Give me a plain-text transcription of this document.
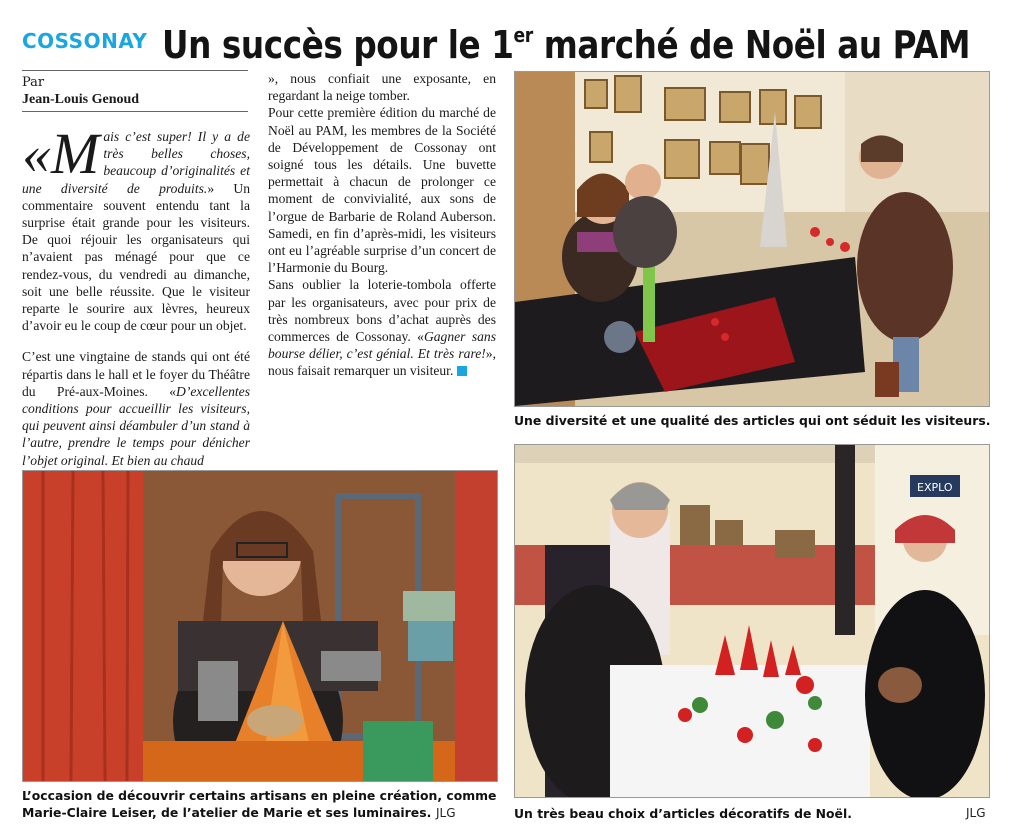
COSSONAY Un succès pour le 1er marché de Noël au PAM
Par
Jean-Louis Genoud

«Mais c’est super! Il y a de très belles choses, beaucoup d’originalités et une diversité de produits.» Un commentaire souvent entendu tant la surprise était grande pour les visiteurs. De quoi réjouir les organisateurs qui n’avaient pas ménagé pour que ce rendez-vous, du vendredi au dimanche, soit une belle réussite. Que le visiteur reparte le sourire aux lèvres, heureux d’avoir eu le coup de cœur pour un objet.

C’est une vingtaine de stands qui ont été répartis dans le hall et le foyer du Théâtre du Pré-aux-Moines. «D’excellentes conditions pour accueillir les visiteurs, qui peuvent ainsi déambuler d’un stand à l’autre, prendre le temps pour dénicher l’objet original. Et bien au chaud

», nous confiait une exposante, en regardant la neige tomber.

Pour cette première édition du marché de Noël au PAM, les membres de la Société de Développement de Cossonay ont soigné tous les détails. Une buvette permettait à chacun de prolonger ce moment de convivialité, aux sons de l’orgue de Barbarie de Roland Auberson. Samedi, en fin d’après-midi, les visiteurs ont eu l’agréable surprise d’un concert de l’Harmonie du Bourg.

Sans oublier la loterie-tombola offerte par les organisateurs, avec pour prix de très nombreux bons d’achat auprès des commerces de Cossonay. «Gagner sans bourse délier, c’est génial. Et très rare!», nous faisait remarquer un visiteur.

EXPLO
Une diversité et une qualité des articles qui ont séduit les visiteurs.
L’occasion de découvrir certains artisans en pleine création, comme Marie-Claire Leiser, de l’atelier de Marie et ses luminaires. JLG	Un très beau choix d’articles décoratifs de Noël.	JLG
